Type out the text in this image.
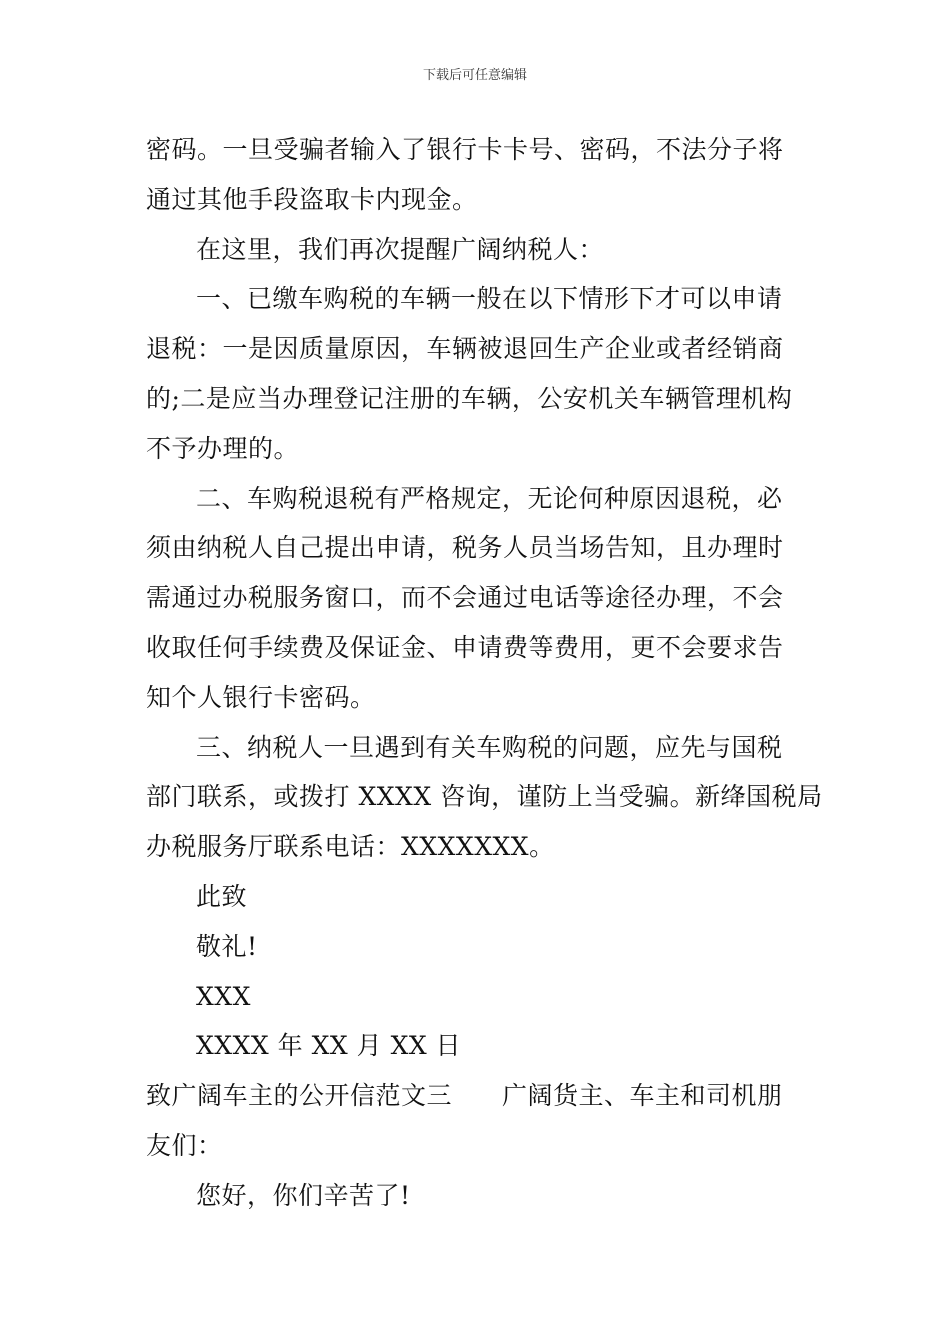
下载后可任意编辑
密码。一旦受骗者输入了银行卡卡号、密码，不法分子将
通过其他手段盗取卡内现金。
在这里，我们再次提醒广阔纳税人：
一、已缴车购税的车辆一般在以下情形下才可以申请
退税：一是因质量原因，车辆被退回生产企业或者经销商
的;二是应当办理登记注册的车辆，公安机关车辆管理机构
不予办理的。
二、车购税退税有严格规定，无论何种原因退税，必
须由纳税人自己提出申请，税务人员当场告知，且办理时
需通过办税服务窗口，而不会通过电话等途径办理，不会
收取任何手续费及保证金、申请费等费用，更不会要求告
知个人银行卡密码。
三、纳税人一旦遇到有关车购税的问题，应先与国税
部门联系，或拨打 XXXX 咨询，谨防上当受骗。新绛国税局
办税服务厅联系电话：XXXXXXX。
此致
敬礼!
XXX
XXXX 年 XX 月 XX 日
致广阔车主的公开信范文三 广阔货主、车主和司机朋
友们：
您好，你们辛苦了!
